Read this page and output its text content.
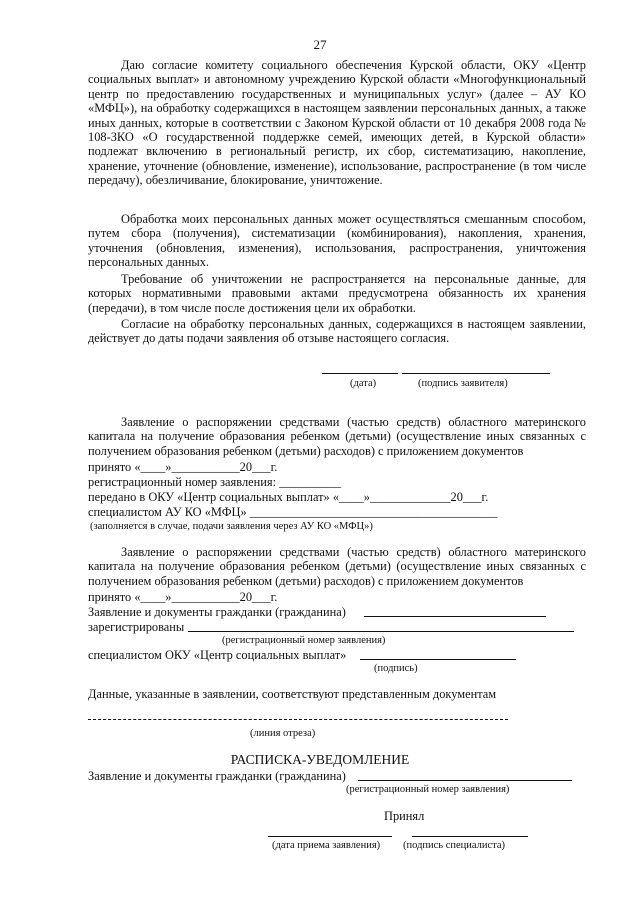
27
Даю согласие комитету социального обеспечения Курской области, ОКУ «Центр социальных выплат» и автономному учреждению Курской области «Многофункциональный центр по предоставлению государственных и муниципальных услуг» (далее – АУ КО «МФЦ»), на обработку содержащихся в настоящем заявлении персональных данных, а также иных данных, которые в соответствии с Законом Курской области от 10 декабря 2008 года № 108-ЗКО «О государственной поддержке семей, имеющих детей, в Курской области» подлежат включению в региональный регистр, их сбор, систематизацию, накопление, хранение, уточнение (обновление, изменение), использование, распространение (в том числе передачу), обезличивание, блокирование, уничтожение.
Обработка моих персональных данных может осуществляться смешанным способом, путем сбора (получения), систематизации (комбинирования), накопления, хранения, уточнения (обновления, изменения), использования, распространения, уничтожения персональных данных.
Требование об уничтожении не распространяется на персональные данные, для которых нормативными правовыми актами предусмотрена обязанность их хранения (передачи), в том числе после достижения цели их обработки.
Согласие на обработку персональных данных, содержащихся в настоящем заявлении, действует до даты подачи заявления об отзыве настоящего согласия.
(дата)	(подпись заявителя)
Заявление о распоряжении средствами (частью средств) областного материнского капитала на получение образования ребенком (детьми) (осуществление иных связанных с получением образования ребенком (детьми) расходов) с приложением документов
принято «____»___________20___г.
регистрационный номер заявления: __________
передано в ОКУ «Центр социальных выплат» «____»_____________20___г.
специалистом АУ КО «МФЦ» ________________________________________
(заполняется в случае, подачи заявления через АУ КО «МФЦ»)
Заявление о распоряжении средствами (частью средств) областного материнского капитала на получение образования ребенком (детьми) (осуществление иных связанных с получением образования ребенком (детьми) расходов) с приложением документов
принято «____»___________20___г.
Заявление и документы гражданки (гражданина)
зарегистрированы
(регистрационный номер заявления)
специалистом ОКУ «Центр социальных выплат»
(подпись)
Данные, указанные в заявлении, соответствуют представленным документам
(линия отреза)
РАСПИСКА-УВЕДОМЛЕНИЕ
Заявление и документы гражданки (гражданина)
(регистрационный номер заявления)
Принял
(дата приема заявления) (подпись специалиста)
